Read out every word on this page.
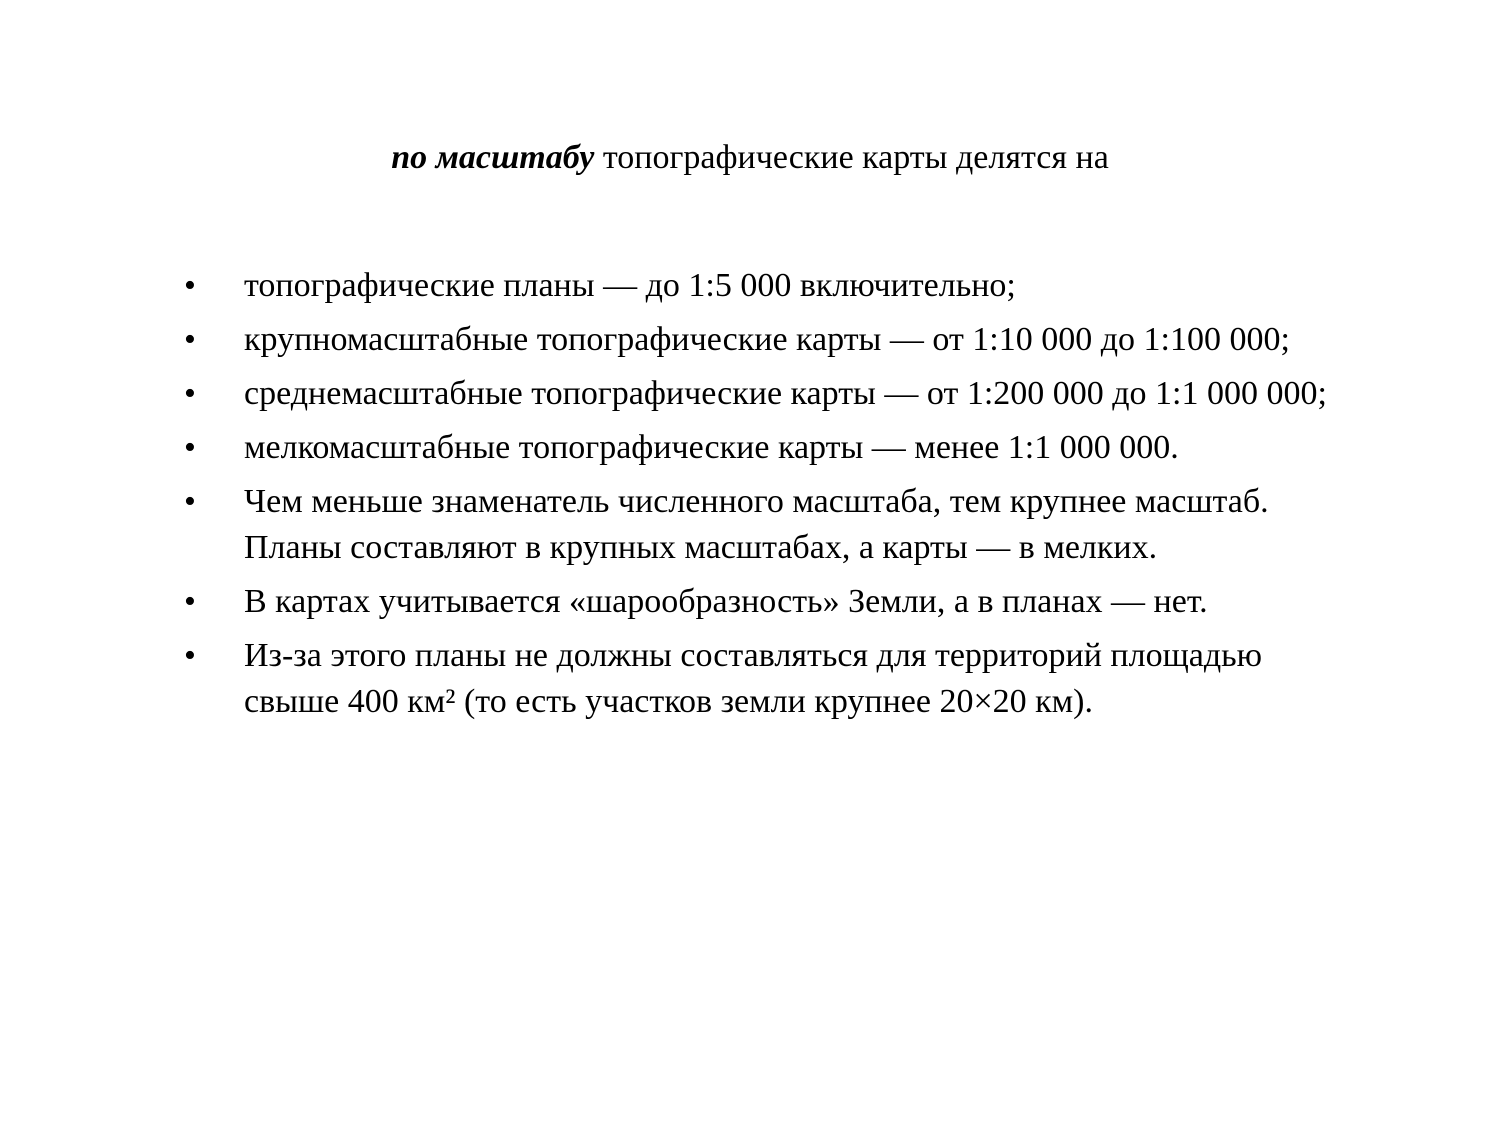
по масштабу топографические карты делятся на
•	топографические планы — до 1:5 000 включительно;
•	крупномасштабные топографические карты — от 1:10 000 до 1:100 000;
•	среднемасштабные топографические карты — от 1:200 000 до 1:1 000 000;
•	мелкомасштабные топографические карты — менее 1:1 000 000.
•	Чем меньше знаменатель численного масштаба, тем крупнее масштаб.
Планы составляют в крупных масштабах, а карты — в мелких.
•	В картах учитывается «шарообразность» Земли, а в планах — нет.
•	Из-за этого планы не должны составляться для территорий площадью
свыше 400 км² (то есть участков земли крупнее 20×20 км).
